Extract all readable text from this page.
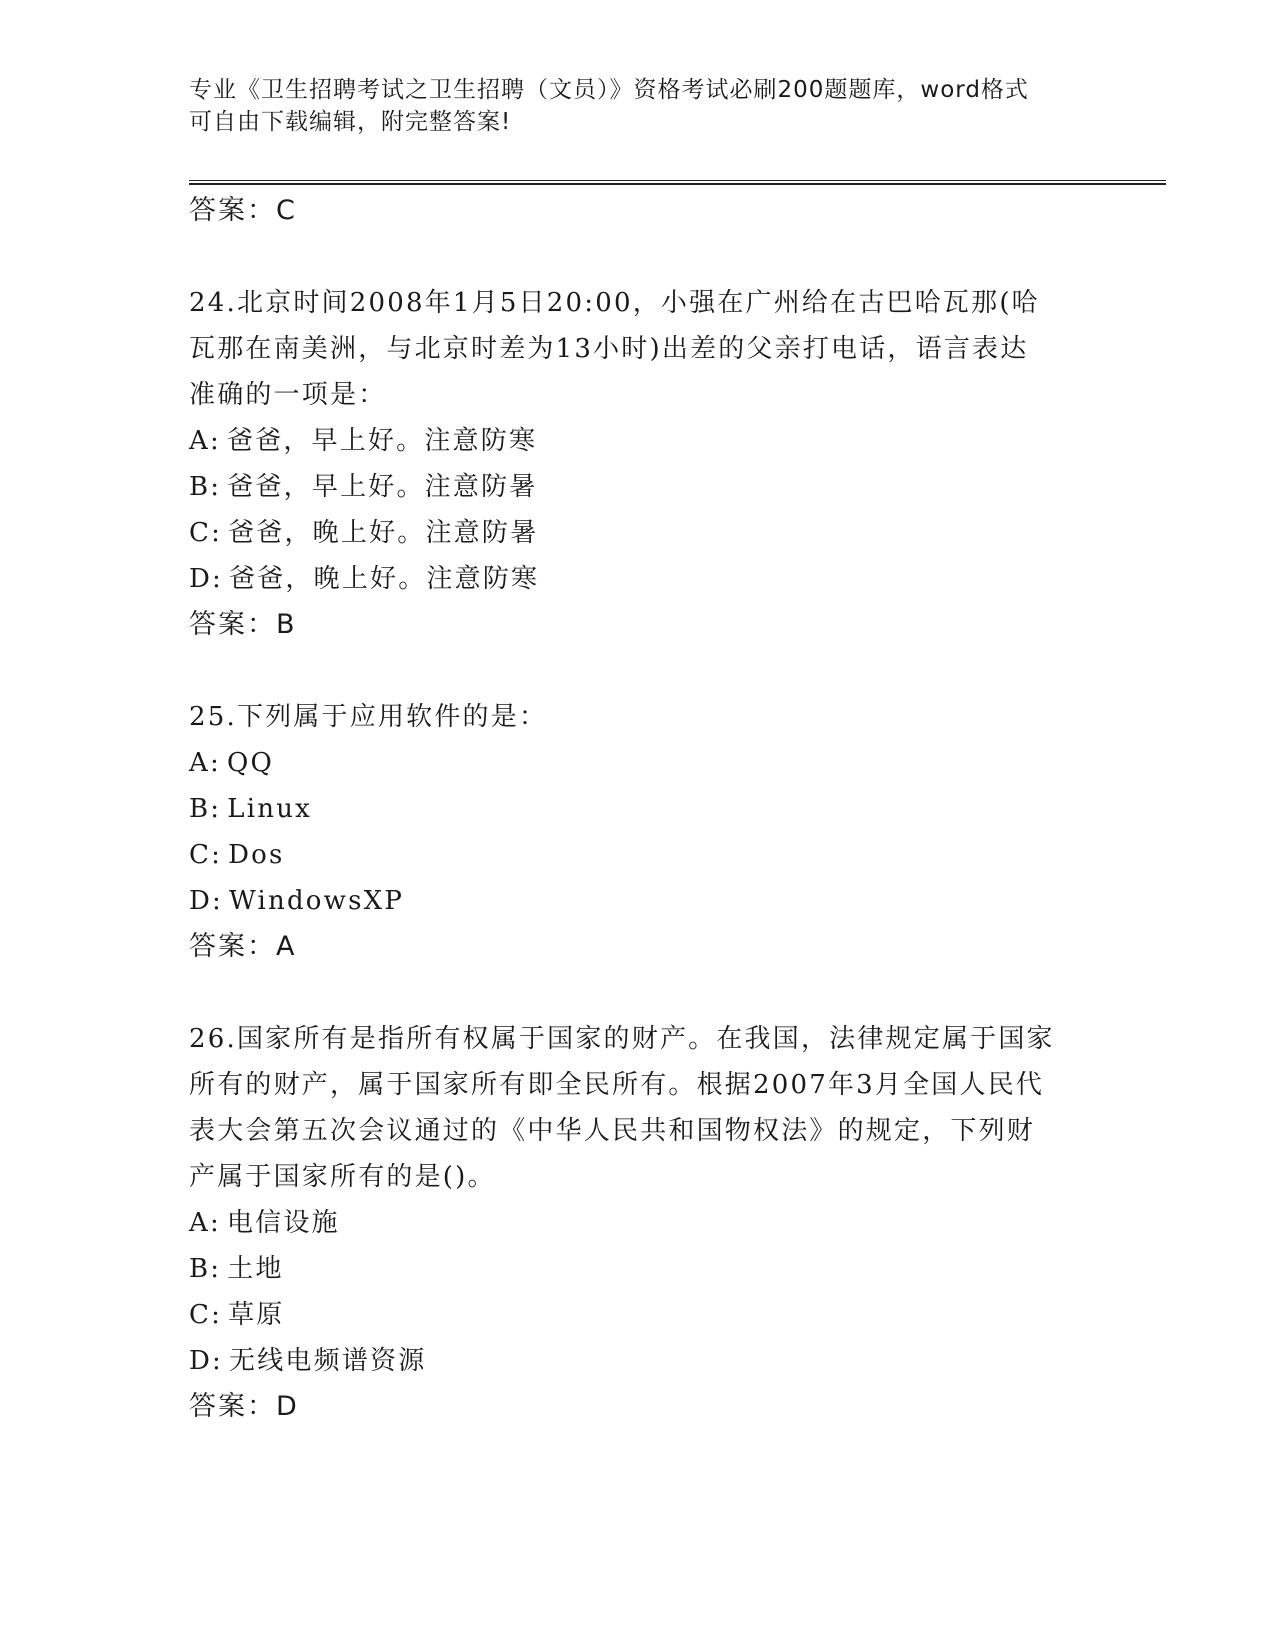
专业《卫生招聘考试之卫生招聘（文员）》资格考试必刷200题题库，word格式
可自由下载编辑，附完整答案!
答案：C
24.北京时间2008年1月5日20:00，小强在广州给在古巴哈瓦那(哈
瓦那在南美洲，与北京时差为13小时)出差的父亲打电话，语言表达
准确的一项是：
A: 爸爸，早上好。注意防寒
B: 爸爸，早上好。注意防暑
C: 爸爸，晚上好。注意防暑
D: 爸爸，晚上好。注意防寒
答案：B
25.下列属于应用软件的是：
A: QQ
B: Linux
C: Dos
D: WindowsXP
答案：A
26.国家所有是指所有权属于国家的财产。在我国，法律规定属于国家
所有的财产，属于国家所有即全民所有。根据2007年3月全国人民代
表大会第五次会议通过的《中华人民共和国物权法》的规定，下列财
产属于国家所有的是()。
A: 电信设施
B: 土地
C: 草原
D: 无线电频谱资源
答案：D
